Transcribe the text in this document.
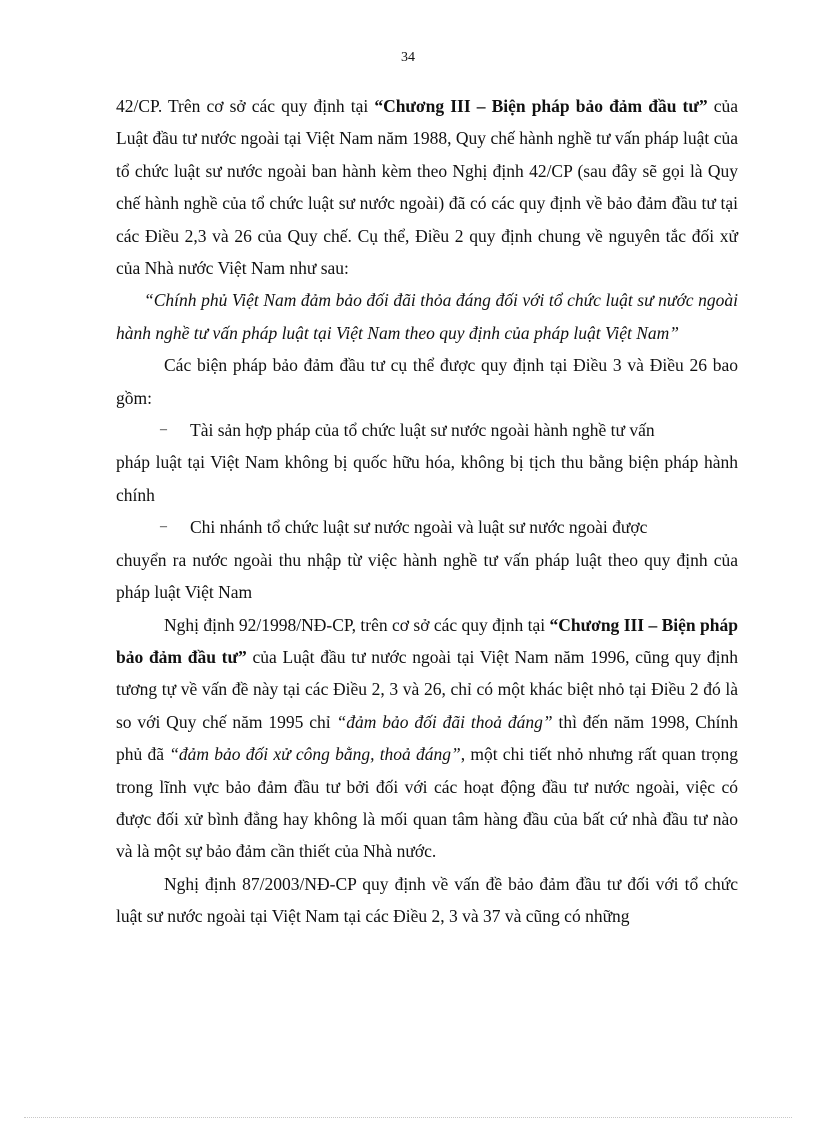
34

42/CP. Trên cơ sở các quy định tại “Chương III – Biện pháp bảo đảm đầu tư” của Luật đầu tư nước ngoài tại Việt Nam năm 1988, Quy chế hành nghề tư vấn pháp luật của tổ chức luật sư nước ngoài ban hành kèm theo Nghị định 42/CP (sau đây sẽ gọi là Quy chế hành nghề của tổ chức luật sư nước ngoài) đã có các quy định về bảo đảm đầu tư tại các Điều 2,3 và 26 của Quy chế. Cụ thể, Điều 2 quy định chung về nguyên tắc đối xử của Nhà nước Việt Nam như sau:

“Chính phủ Việt Nam đảm bảo đối đãi thỏa đáng đối với tổ chức luật sư nước ngoài hành nghề tư vấn pháp luật tại Việt Nam theo quy định của pháp luật Việt Nam”

Các biện pháp bảo đảm đầu tư cụ thể được quy định tại Điều 3 và Điều 26 bao gồm:

–	Tài sản hợp pháp của tổ chức luật sư nước ngoài hành nghề tư vấn

pháp luật tại Việt Nam không bị quốc hữu hóa, không bị tịch thu bằng biện pháp hành chính

–	Chi nhánh tổ chức luật sư nước ngoài và luật sư nước ngoài được

chuyển ra nước ngoài thu nhập từ việc hành nghề tư vấn pháp luật theo quy định của pháp luật Việt Nam

Nghị định 92/1998/NĐ-CP, trên cơ sở các quy định tại “Chương III – Biện pháp bảo đảm đầu tư” của Luật đầu tư nước ngoài tại Việt Nam năm 1996, cũng quy định tương tự về vấn đề này tại các Điều 2, 3 và 26, chỉ có một khác biệt nhỏ tại Điều 2 đó là so với Quy chế năm 1995 chỉ “đảm bảo đối đãi thoả đáng” thì đến năm 1998, Chính phủ đã “đảm bảo đối xử công bằng, thoả đáng”, một chi tiết nhỏ nhưng rất quan trọng trong lĩnh vực bảo đảm đầu tư bởi đối với các hoạt động đầu tư nước ngoài, việc có được đối xử bình đẳng hay không là mối quan tâm hàng đầu của bất cứ nhà đầu tư nào và là một sự bảo đảm cần thiết của Nhà nước.

Nghị định 87/2003/NĐ-CP quy định về vấn đề bảo đảm đầu tư đối với tổ chức luật sư nước ngoài tại Việt Nam tại các Điều 2, 3 và 37 và cũng có những
